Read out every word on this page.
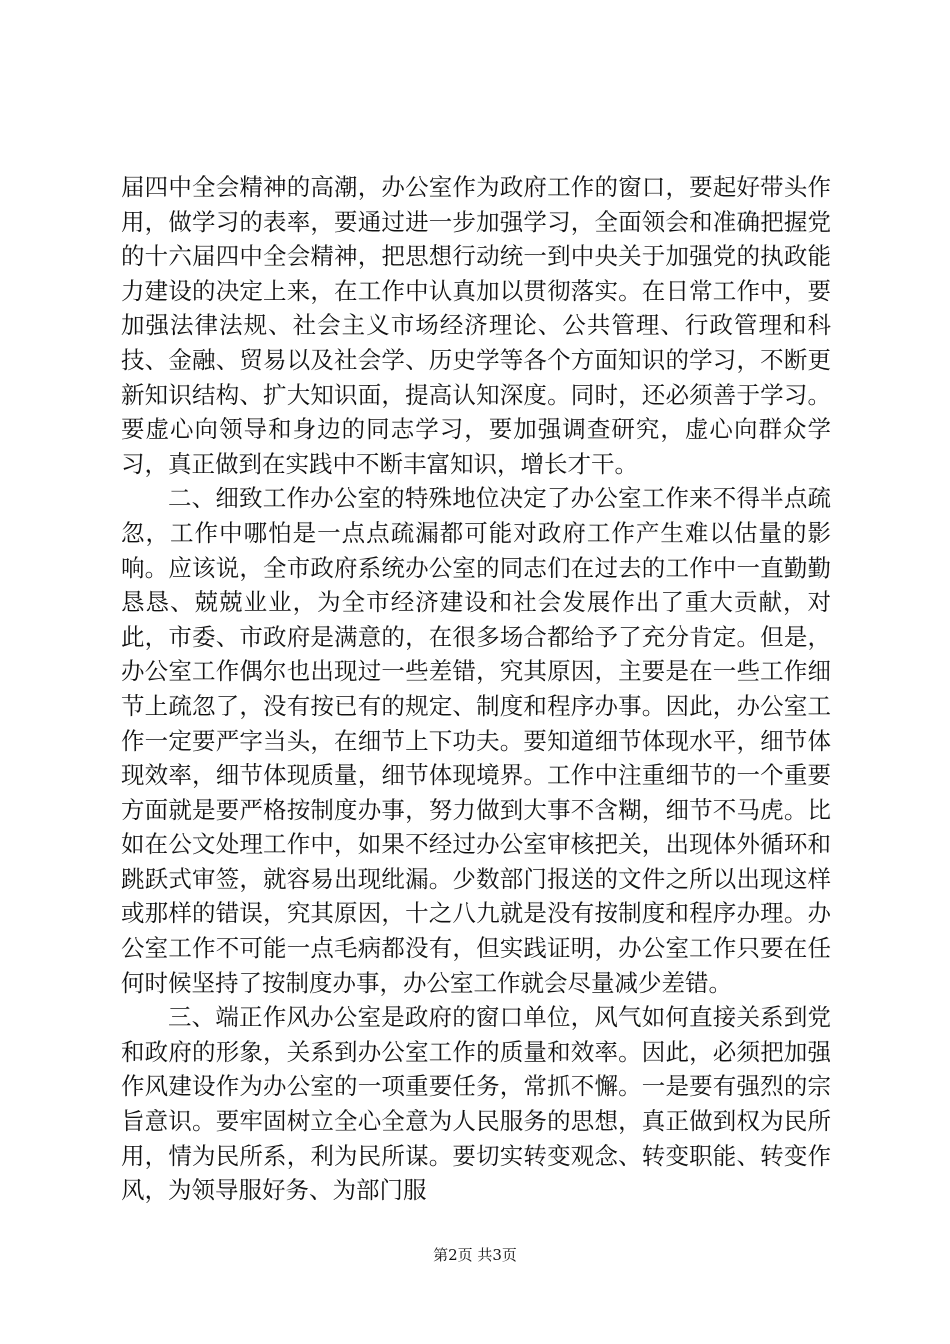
届四中全会精神的高潮，办公室作为政府工作的窗口，要起好带头作用，做学习的表率，要通过进一步加强学习，全面领会和准确把握党的十六届四中全会精神，把思想行动统一到中央关于加强党的执政能力建设的决定上来，在工作中认真加以贯彻落实。在日常工作中，要加强法律法规、社会主义市场经济理论、公共管理、行政管理和科技、金融、贸易以及社会学、历史学等各个方面知识的学习，不断更新知识结构、扩大知识面，提高认知深度。同时，还必须善于学习。要虚心向领导和身边的同志学习，要加强调查研究，虚心向群众学习，真正做到在实践中不断丰富知识，增长才干。

二、细致工作办公室的特殊地位决定了办公室工作来不得半点疏忽，工作中哪怕是一点点疏漏都可能对政府工作产生难以估量的影响。应该说，全市政府系统办公室的同志们在过去的工作中一直勤勤恳恳、兢兢业业，为全市经济建设和社会发展作出了重大贡献，对此，市委、市政府是满意的，在很多场合都给予了充分肯定。但是，办公室工作偶尔也出现过一些差错，究其原因，主要是在一些工作细节上疏忽了，没有按已有的规定、制度和程序办事。因此，办公室工作一定要严字当头，在细节上下功夫。要知道细节体现水平，细节体现效率，细节体现质量，细节体现境界。工作中注重细节的一个重要方面就是要严格按制度办事，努力做到大事不含糊，细节不马虎。比如在公文处理工作中，如果不经过办公室审核把关，出现体外循环和跳跃式审签，就容易出现纰漏。少数部门报送的文件之所以出现这样或那样的错误，究其原因，十之八九就是没有按制度和程序办理。办公室工作不可能一点毛病都没有，但实践证明，办公室工作只要在任何时候坚持了按制度办事，办公室工作就会尽量减少差错。

三、端正作风办公室是政府的窗口单位，风气如何直接关系到党和政府的形象，关系到办公室工作的质量和效率。因此，必须把加强作风建设作为办公室的一项重要任务，常抓不懈。一是要有强烈的宗旨意识。要牢固树立全心全意为人民服务的思想，真正做到权为民所用，情为民所系，利为民所谋。要切实转变观念、转变职能、转变作风，为领导服好务、为部门服

第2页 共3页
